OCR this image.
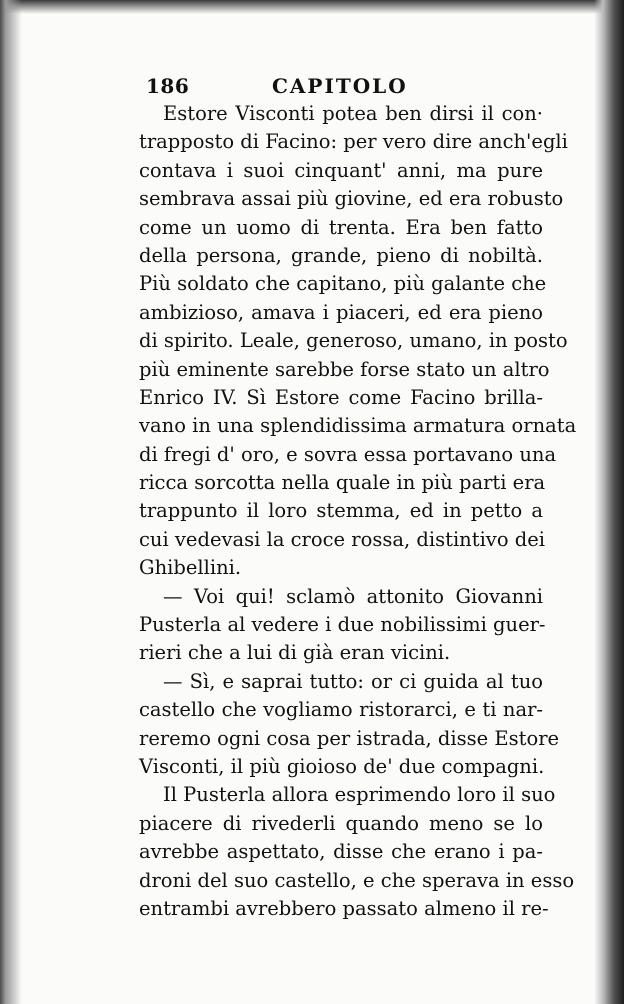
186	CAPITOLO
Estore Visconti potea ben dirsi il con·
trapposto di Facino: per vero dire anch'egli
contava i suoi cinquant' anni, ma pure
sembrava assai più giovine, ed era robusto
come un uomo di trenta. Era ben fatto
della persona, grande, pieno di nobiltà.
Più soldato che capitano, più galante che
ambizioso, amava i piaceri, ed era pieno
di spirito. Leale, generoso, umano, in posto
più eminente sarebbe forse stato un altro
Enrico IV. Sì Estore come Facino brilla-
vano in una splendidissima armatura ornata
di fregi d' oro, e sovra essa portavano una
ricca sorcotta nella quale in più parti era
trappunto il loro stemma, ed in petto a
cui vedevasi la croce rossa, distintivo dei
Ghibellini.
— Voi qui! sclamò attonito Giovanni
Pusterla al vedere i due nobilissimi guer-
rieri che a lui di già eran vicini.
— Sì, e saprai tutto: or ci guida al tuo
castello che vogliamo ristorarci, e ti nar-
reremo ogni cosa per istrada, disse Estore
Visconti, il più gioioso de' due compagni.
Il Pusterla allora esprimendo loro il suo
piacere di rivederli quando meno se lo
avrebbe aspettato, disse che erano i pa-
droni del suo castello, e che sperava in esso
entrambi avrebbero passato almeno il re-
